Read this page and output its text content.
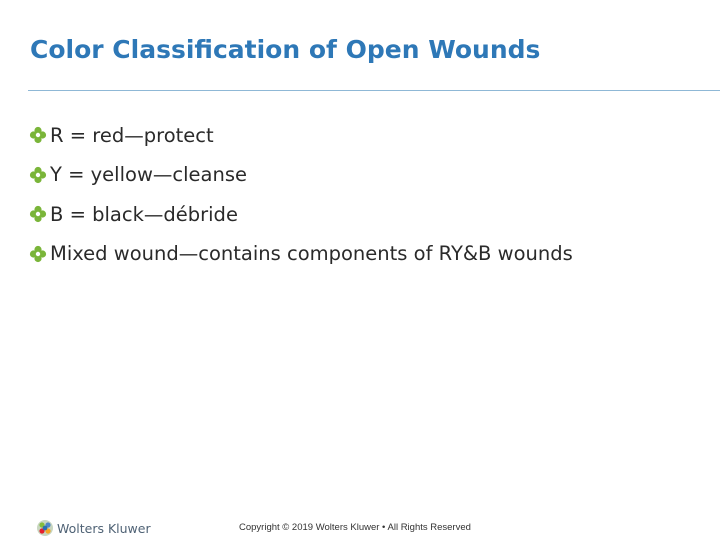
Color Classification of Open Wounds
R = red—protect
Y = yellow—cleanse
B = black—débride
Mixed wound—contains components of RY&B wounds
Wolters Kluwer	Copyright © 2019 Wolters Kluwer • All Rights Reserved
